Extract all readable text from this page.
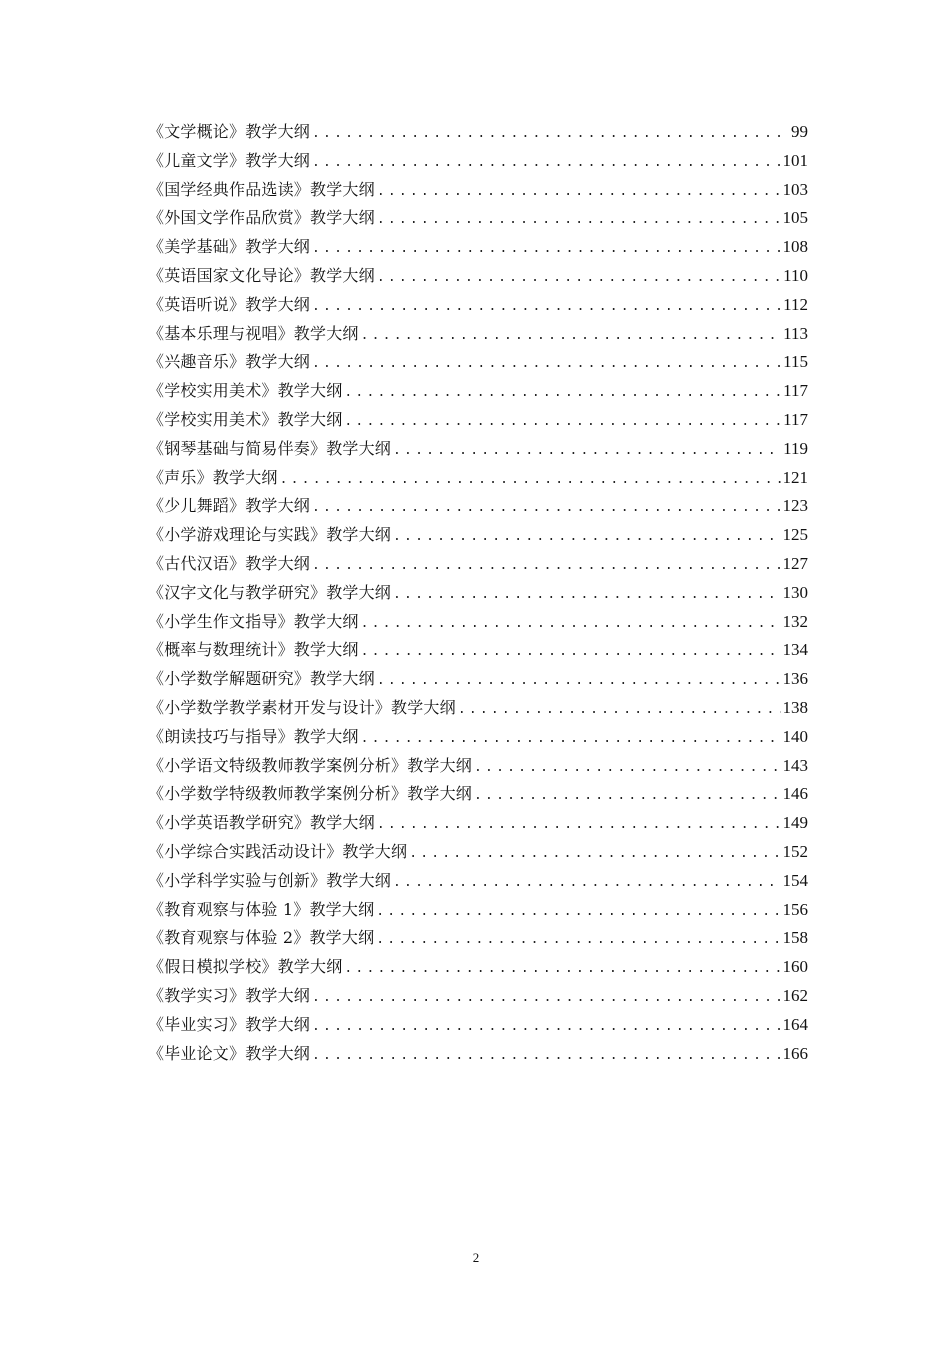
《文学概论》教学大纲 .....	99
《儿童文学》教学大纲 .....	101
《国学经典作品选读》教学大纲 .....	103
《外国文学作品欣赏》教学大纲 .....	105
《美学基础》教学大纲 .....	108
《英语国家文化导论》教学大纲 .....	110
《英语听说》教学大纲 .....	112
《基本乐理与视唱》教学大纲 .....	113
《兴趣音乐》教学大纲 .....	115
《学校实用美术》教学大纲 .....	117
《学校实用美术》教学大纲 .....	117
《钢琴基础与简易伴奏》教学大纲 .....	119
《声乐》教学大纲 .....	121
《少儿舞蹈》教学大纲 .....	123
《小学游戏理论与实践》教学大纲 .....	125
《古代汉语》教学大纲 .....	127
《汉字文化与教学研究》教学大纲 .....	130
《小学生作文指导》教学大纲 .....	132
《概率与数理统计》教学大纲 .....	134
《小学数学解题研究》教学大纲 .....	136
《小学数学教学素材开发与设计》教学大纲 .....	138
《朗读技巧与指导》教学大纲 .....	140
《小学语文特级教师教学案例分析》教学大纲 .....	143
《小学数学特级教师教学案例分析》教学大纲 .....	146
《小学英语教学研究》教学大纲 .....	149
《小学综合实践活动设计》教学大纲 .....	152
《小学科学实验与创新》教学大纲 .....	154
《教育观察与体验 1》教学大纲 .....	156
《教育观察与体验 2》教学大纲 .....	158
《假日模拟学校》教学大纲 .....	160
《教学实习》教学大纲 .....	162
《毕业实习》教学大纲 .....	164
《毕业论文》教学大纲 .....	166
2
